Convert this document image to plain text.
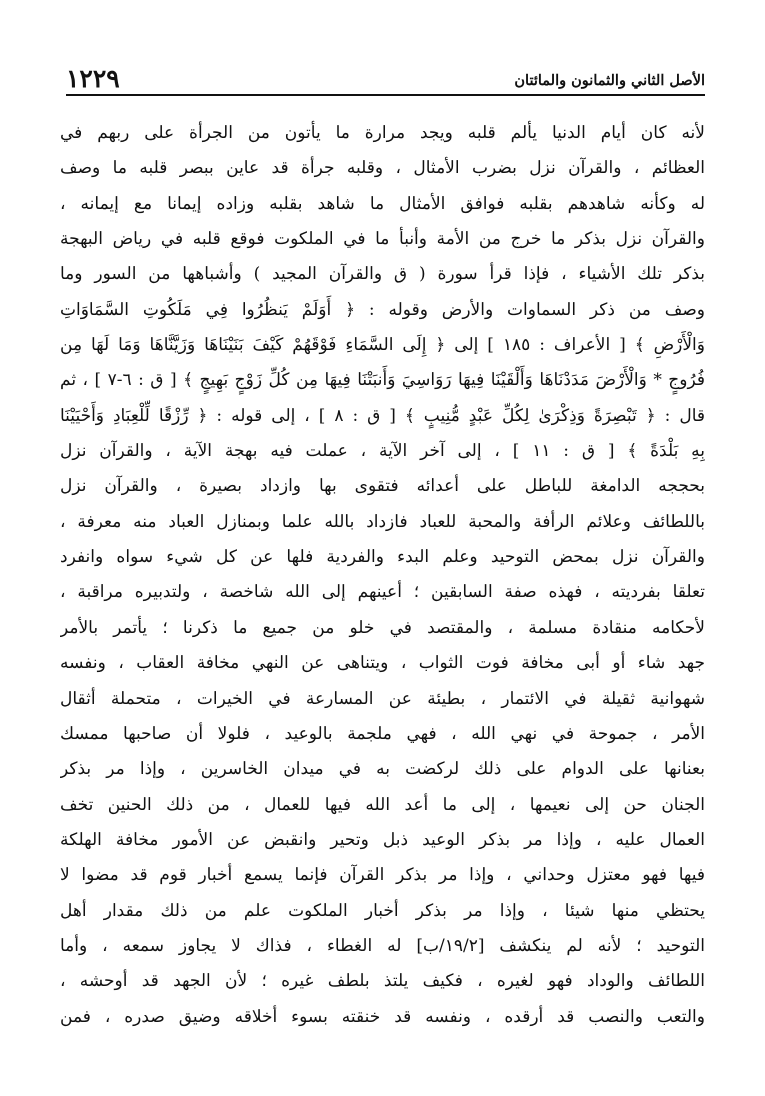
الأصل الثاني والثمانون والمائتان
١٢٢٩
لأنه كان أيام الدنيا يألم قلبه ويجد مرارة ما يأتون من الجرأة على ربهم في
العظائم ، والقرآن نزل بضرب الأمثال ، وقلبه جرأة قد عاين ببصر قلبه ما وصف
له وكأنه شاهدهم بقلبه فوافق الأمثال ما شاهد بقلبه وزاده إيمانا مع إيمانه ،
والقرآن نزل بذكر ما خرج من الأمة وأنبأ ما في الملكوت فوقع قلبه في رياض البهجة
بذكر تلك الأشياء ، فإذا قرأ سورة ( ق والقرآن المجيد ) وأشباهها من السور وما
وصف من ذكر السماوات والأرض وقوله : ﴿ أَوَلَمْ يَنظُرُوا فِي مَلَكُوتِ السَّمَاوَاتِ
وَالْأَرْضِ ﴾ [ الأعراف : ١٨٥ ] إلى ﴿ إِلَى السَّمَاءِ فَوْقَهُمْ كَيْفَ بَنَيْنَاهَا وَزَيَّنَّاهَا وَمَا لَهَا مِن
فُرُوجٍ * وَالْأَرْضَ مَدَدْنَاهَا وَأَلْقَيْنَا فِيهَا رَوَاسِيَ وَأَنبَتْنَا فِيهَا مِن كُلِّ زَوْجٍ بَهِيجٍ ﴾ [ ق : ٦-٧ ] ، ثم
قال : ﴿ تَبْصِرَةً وَذِكْرَىٰ لِكُلِّ عَبْدٍ مُّنِيبٍ ﴾ [ ق : ٨ ] ، إلى قوله : ﴿ رِّزْقًا لِّلْعِبَادِ وَأَحْيَيْنَا
بِهِ بَلْدَةً ﴾ [ ق : ١١ ] ، إلى آخر الآية ، عملت فيه بهجة الآية ، والقرآن نزل
بحججه الدامغة للباطل على أعدائه فتقوى بها وازداد بصيرة ، والقرآن نزل
باللطائف وعلائم الرأفة والمحبة للعباد فازداد بالله علما وبمنازل العباد منه معرفة ،
والقرآن نزل بمحض التوحيد وعلم البدء والفردية فلها عن كل شيء سواه وانفرد
تعلقا بفرديته ، فهذه صفة السابقين ؛ أعينهم إلى الله شاخصة ، ولتدبيره مراقبة ،
لأحكامه منقادة مسلمة ، والمقتصد في خلو من جميع ما ذكرنا ؛ يأتمر بالأمر
جهد شاء أو أبى مخافة فوت الثواب ، ويتناهى عن النهي مخافة العقاب ، ونفسه
شهوانية ثقيلة في الائتمار ، بطيئة عن المسارعة في الخيرات ، متحملة أثقال
الأمر ، جموحة في نهي الله ، فهي ملجمة بالوعيد ، فلولا أن صاحبها ممسك
بعنانها على الدوام على ذلك لركضت به في ميدان الخاسرين ، وإذا مر بذكر
الجنان حن إلى نعيمها ، إلى ما أعد الله فيها للعمال ، من ذلك الحنين تخف
العمال عليه ، وإذا مر بذكر الوعيد ذبل وتحير وانقبض عن الأمور مخافة الهلكة
فيها فهو معتزل وحداني ، وإذا مر بذكر القرآن فإنما يسمع أخبار قوم قد مضوا لا
يحتظي منها شيئا ، وإذا مر بذكر أخبار الملكوت علم من ذلك مقدار أهل
التوحيد ؛ لأنه لم ينكشف [١٩/٢/ب] له الغطاء ، فذاك لا يجاوز سمعه ، وأما
اللطائف والوداد فهو لغيره ، فكيف يلتذ بلطف غيره ؛ لأن الجهد قد أوحشه ،
والتعب والنصب قد أرقده ، ونفسه قد خنقته بسوء أخلاقه وضيق صدره ، فمن
